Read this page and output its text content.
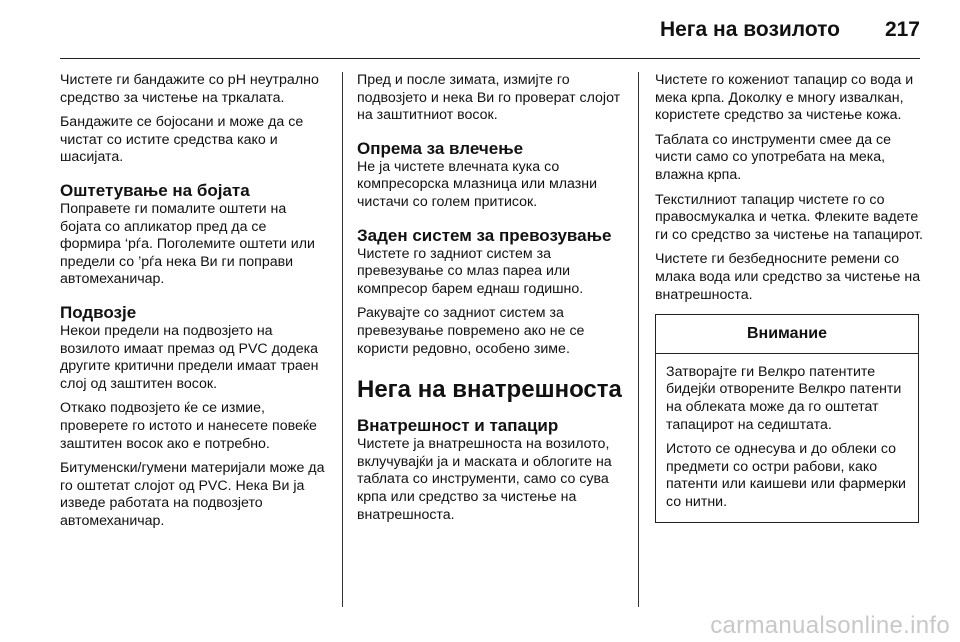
Нега на возилото 217

Чистете ги бандажите со pH неутрално средство за чистење на тркалата.

Бандажите се бојосани и може да се чистат со истите средства како и шасијата.

Оштетување на бојата

Поправете ги помалите оштети на бојата со апликатор пред да се формира ‘рѓа. Поголемите оштети или предели со ’рѓа нека Ви ги поправи автомеханичар.

Подвозје

Некои предели на подвозјето на возилото имаат премаз од PVC додека другите критични предели имаат траен слој од заштитен восок.

Откако подвозјето ќе се измие, проверете го истото и нанесете повеќе заштитен восок ако е потребно.

Битуменски/гумени материјали може да го оштетат слојот од PVC. Нека Ви ја изведе работата на подвозјето автомеханичар.

Пред и после зимата, измијте го подвозјето и нека Ви го проверат слојот на заштитниот восок.

Опрема за влечење

Не ја чистете влечната кука со компресорска млазница или млазни чистачи со голем притисок.

Заден систем за превозување

Чистете го задниот систем за превезување со млаз пареа или компресор барем еднаш годишно.

Ракувајте со задниот систем за превезување повремено ако не се користи редовно, особено зиме.

Нега на внатрешноста
Внатрешност и тапацир

Чистете ја внатрешноста на возилото, вклучувајќи ја и маската и облогите на таблата со инструменти, само со сува крпа или средство за чистење на внатрешноста.

Чистете го кожениот тапацир со вода и мека крпа. Доколку е многу извалкан, користете средство за чистење кожа.

Таблата со инструменти смее да се чисти само со употребата на мека, влажна крпа.

Текстилниот тапацир чистете го со правосмукалка и четка. Флеките вадете ги со средство за чистење на тапацирот.

Чистете ги безбедносните ремени со млака вода или средство за чистење на внатрешноста.

Внимание

Затворајте ги Велкро патентите бидејќи отворените Велкро патенти на облеката може да го оштетат тапацирот на седиштата.

Истото се однесува и до облеки со предмети со остри рабови, како патенти или каишеви или фармерки со нитни.

carmanualsonline.info
